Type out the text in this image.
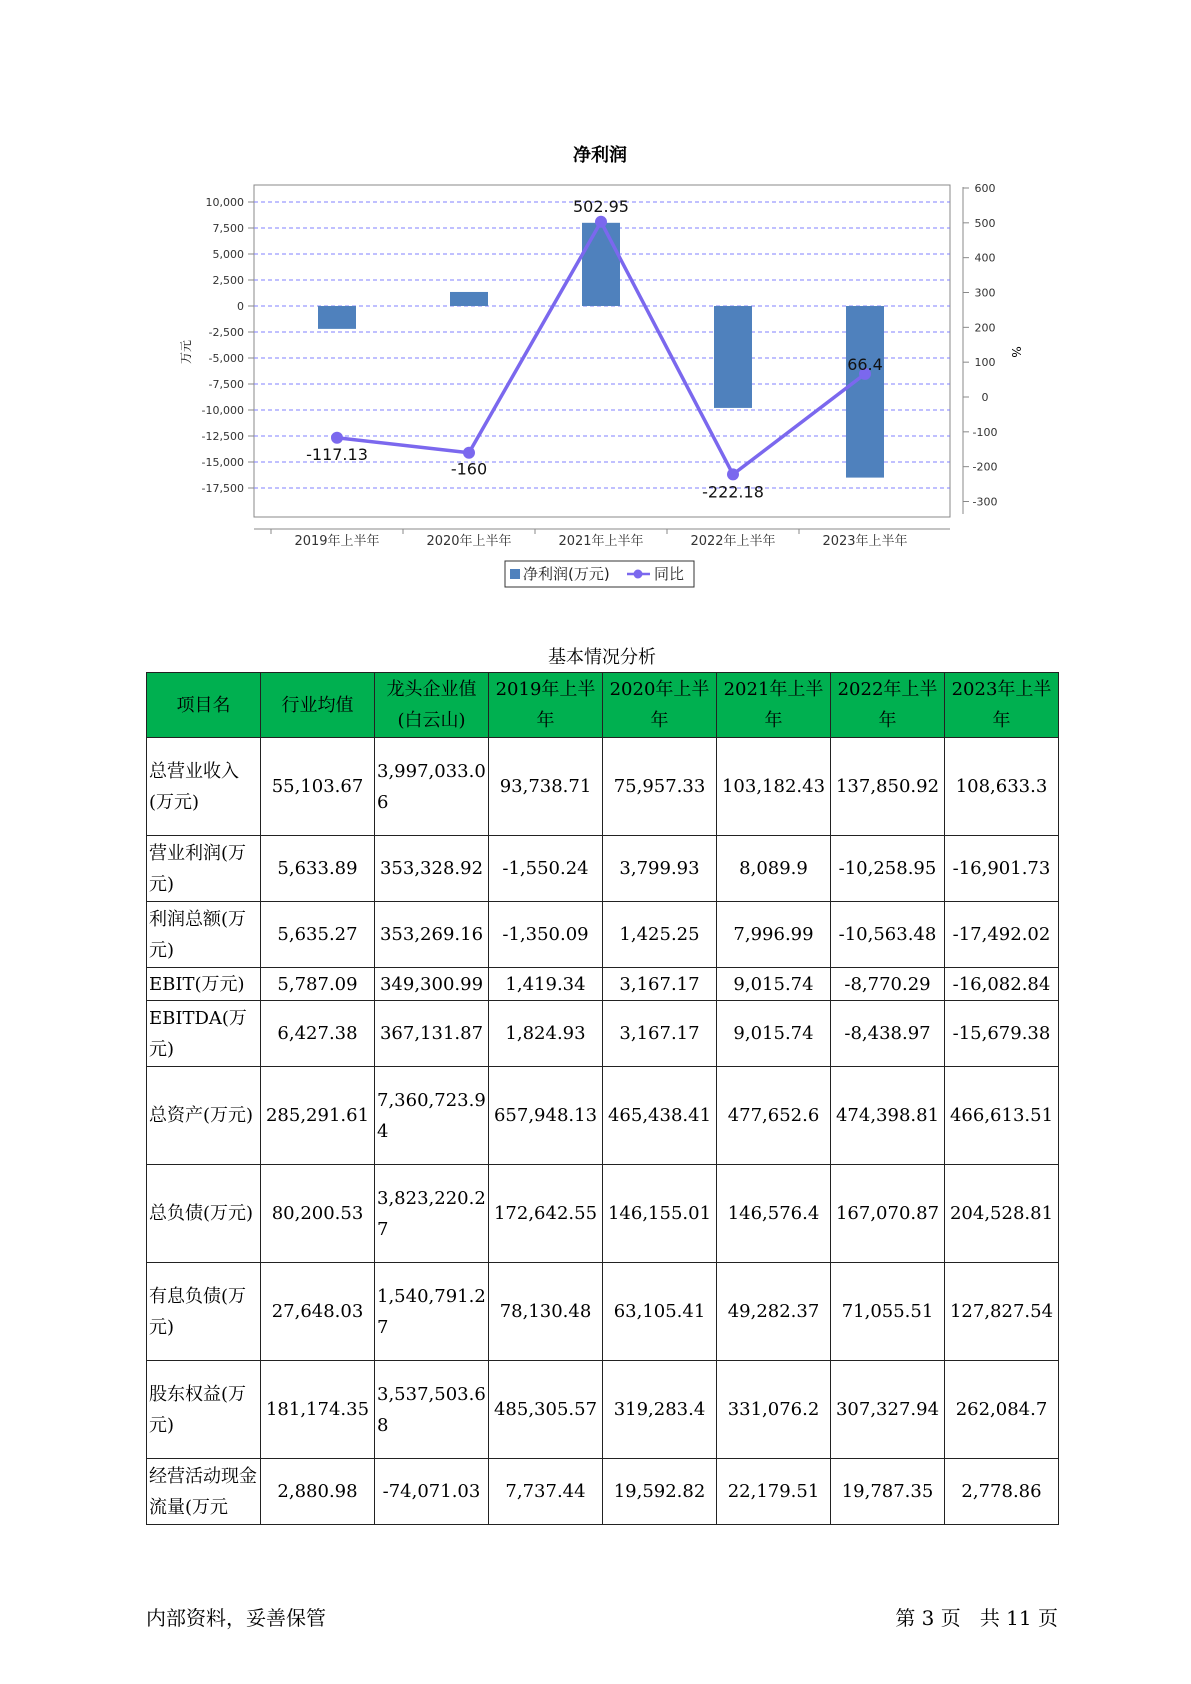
净利润
10,000
7,500
5,000
2,500
0
-2,500
-5,000
-7,500
-10,000
-12,500
-15,000
-17,500
600
500
400
300
200
100
0
-100
-200
-300
万元	%
-117.13
-160
502.95
-222.18
66.4
2019年上半年	2020年上半年	2021年上半年	2022年上半年	2023年上半年
净利润(万元)	同比
基本情况分析
项目名	行业均值	龙头企业值(白云山)	2019年上半年	2020年上半年	2021年上半年	2022年上半年	2023年上半年
总营业收入(万元)	55,103.67	3,997,033.06	93,738.71	75,957.33	103,182.43	137,850.92	108,633.3
营业利润(万元)	5,633.89	353,328.92	-1,550.24	3,799.93	8,089.9	-10,258.95	-16,901.73
利润总额(万元)	5,635.27	353,269.16	-1,350.09	1,425.25	7,996.99	-10,563.48	-17,492.02
EBIT(万元)	5,787.09	349,300.99	1,419.34	3,167.17	9,015.74	-8,770.29	-16,082.84
EBITDA(万元)	6,427.38	367,131.87	1,824.93	3,167.17	9,015.74	-8,438.97	-15,679.38
总资产(万元)	285,291.61	7,360,723.94	657,948.13	465,438.41	477,652.6	474,398.81	466,613.51
总负债(万元)	80,200.53	3,823,220.27	172,642.55	146,155.01	146,576.4	167,070.87	204,528.81
有息负债(万元)	27,648.03	1,540,791.27	78,130.48	63,105.41	49,282.37	71,055.51	127,827.54
股东权益(万元)	181,174.35	3,537,503.68	485,305.57	319,283.4	331,076.2	307,327.94	262,084.7
经营活动现金流量(万元	2,880.98	-74,071.03	7,737.44	19,592.82	22,179.51	19,787.35	2,778.86
内部资料，妥善保管	第 3 页   共 11 页
